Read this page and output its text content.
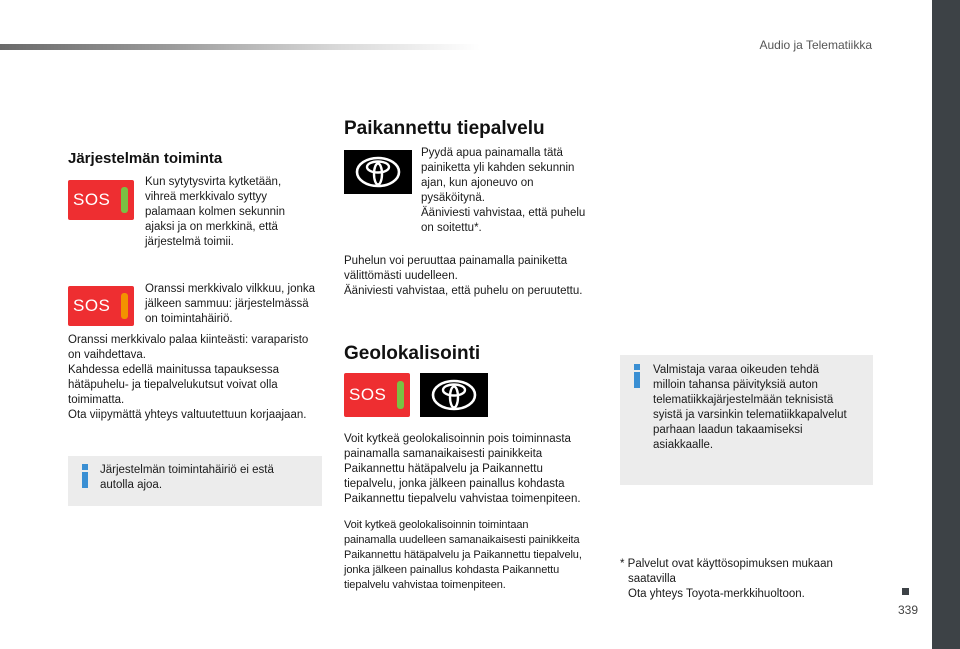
Audio ja Telematiikka
339
Järjestelmän toiminta
SOS
Kun sytytysvirta kytketään,
vihreä merkkivalo syttyy
palamaan kolmen sekunnin
ajaksi ja on merkkinä, että
järjestelmä toimii.
SOS
Oranssi merkkivalo vilkkuu, jonka
jälkeen sammuu: järjestelmässä
on toimintahäiriö.
Oranssi merkkivalo palaa kiinteästi: varaparisto
on vaihdettava.
Kahdessa edellä mainitussa tapauksessa
hätäpuhelu- ja tiepalvelukutsut voivat olla
toimimatta.
Ota viipymättä yhteys valtuutettuun korjaajaan.
Järjestelmän toimintahäiriö ei estä
autolla ajoa.
Paikannettu tiepalvelu
Pyydä apua painamalla tätä
painiketta yli kahden sekunnin
ajan, kun ajoneuvo on
pysäköitynä.
Ääniviesti vahvistaa, että puhelu
on soitettu*.
Puhelun voi peruuttaa painamalla painiketta
välittömästi uudelleen.
Ääniviesti vahvistaa, että puhelu on peruutettu.
Geolokalisointi
SOS
Voit kytkeä geolokalisoinnin pois toiminnasta
painamalla samanaikaisesti painikkeita
Paikannettu hätäpalvelu ja Paikannettu
tiepalvelu, jonka jälkeen painallus kohdasta
Paikannettu tiepalvelu vahvistaa toimenpiteen.
Voit kytkeä geolokalisoinnin toimintaan
painamalla uudelleen samanaikaisesti painikkeita
Paikannettu hätäpalvelu ja Paikannettu tiepalvelu,
jonka jälkeen painallus kohdasta Paikannettu
tiepalvelu vahvistaa toimenpiteen.
Valmistaja varaa oikeuden tehdä
milloin tahansa päivityksiä auton
telematiikkajärjestelmään teknisistä
syistä ja varsinkin telematiikkapalvelut
parhaan laadun takaamiseksi
asiakkaalle.
* Palvelut ovat käyttösopimuksen mukaan
saatavilla
Ota yhteys Toyota-merkkihuoltoon.
